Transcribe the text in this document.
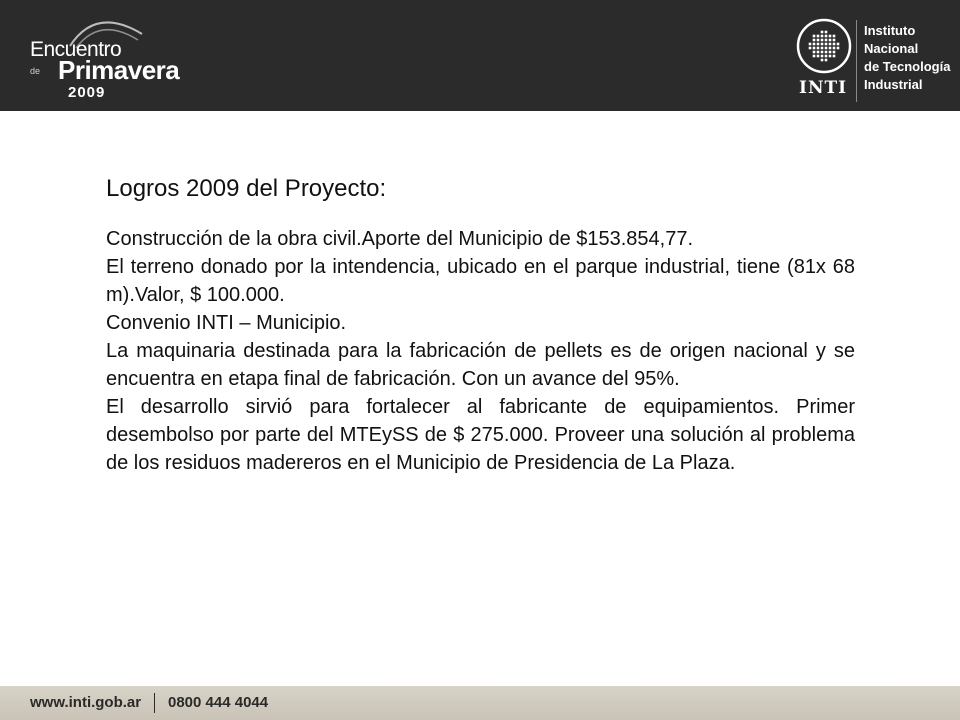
Encuentro
de Primavera
2009	INTI
Instituto
Nacional
de Tecnología
Industrial
Logros 2009 del Proyecto:

Construcción de la obra civil.Aporte del Municipio de $153.854,77.

El terreno donado por la intendencia, ubicado en el parque industrial, tiene (81x 68 m).Valor, $ 100.000.

Convenio INTI – Municipio.

La maquinaria destinada para la fabricación de pellets es de origen nacional y se encuentra en etapa final de fabricación. Con un avance del 95%.

El desarrollo sirvió para fortalecer al fabricante de equipamientos. Primer desembolso por parte del MTEySS de $ 275.000. Proveer una solución al problema de los residuos madereros en el Municipio de Presidencia de La Plaza.

www.inti.gob.ar 0800 444 4044
